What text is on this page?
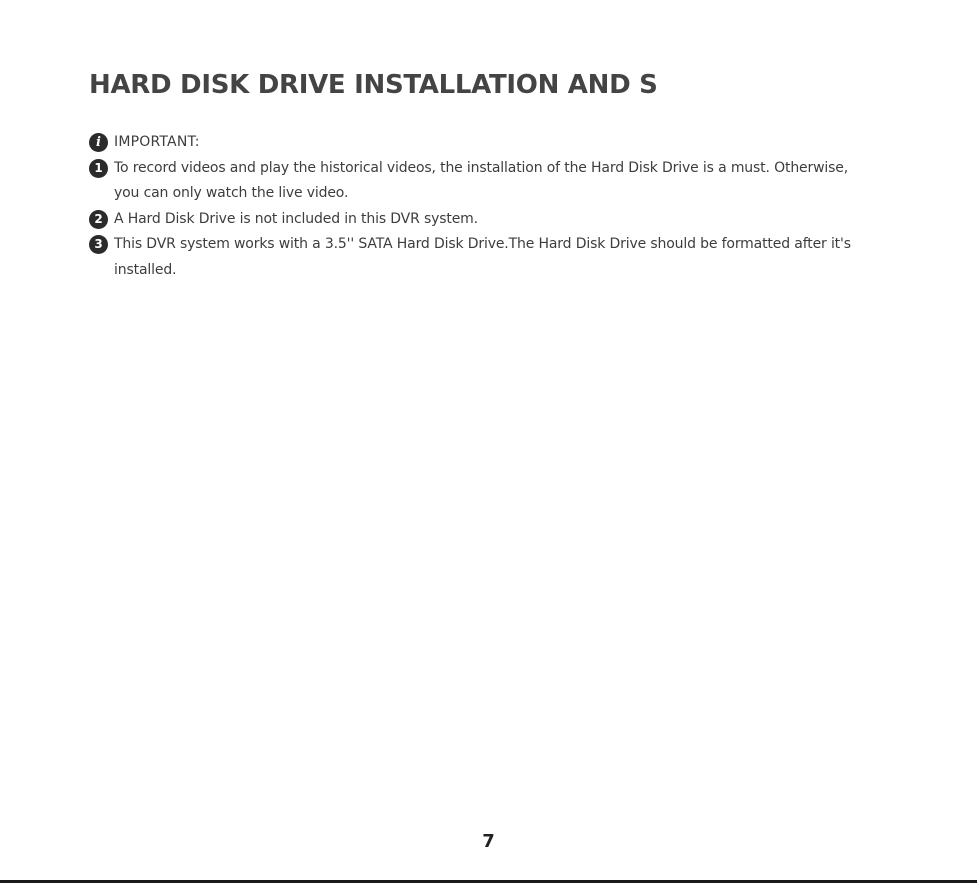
HARD DISK DRIVE INSTALLATION AND S
i IMPORTANT:
1 To record videos and play the historical videos, the installation of the Hard Disk Drive is a must. Otherwise, you can only watch the live video.
2 A Hard Disk Drive is not included in this DVR system.
3 This DVR system works with a 3.5'' SATA Hard Disk Drive.The Hard Disk Drive should be formatted after it's installed.
7
